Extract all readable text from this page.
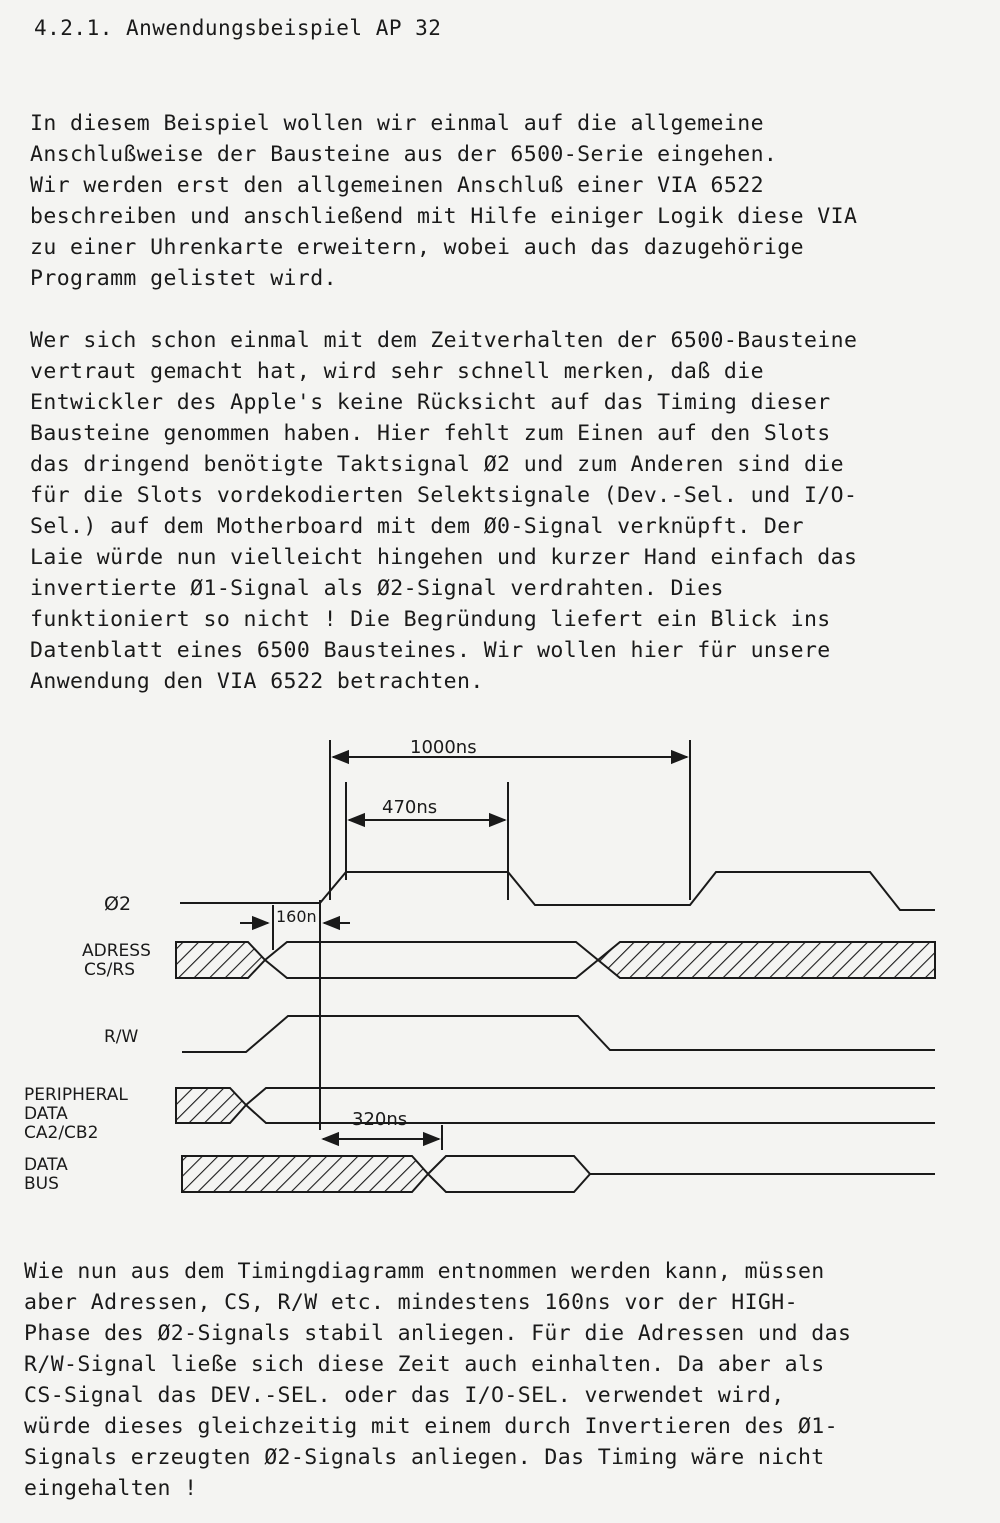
4.2.1. Anwendungsbeispiel AP 32

In diesem Beispiel wollen wir einmal auf die allgemeine
Anschlußweise der Bausteine aus der 6500-Serie eingehen.
Wir werden erst den allgemeinen Anschluß einer VIA 6522
beschreiben und anschließend mit Hilfe einiger Logik diese VIA
zu einer Uhrenkarte erweitern, wobei auch das dazugehörige
Programm gelistet wird.

Wer sich schon einmal mit dem Zeitverhalten der 6500-Bausteine
vertraut gemacht hat, wird sehr schnell merken, daß die
Entwickler des Apple's keine Rücksicht auf das Timing dieser
Bausteine genommen haben. Hier fehlt zum Einen auf den Slots
das dringend benötigte Taktsignal Ø2 und zum Anderen sind die
für die Slots vordekodierten Selektsignale (Dev.-Sel. und I/O-
Sel.) auf dem Motherboard mit dem Ø0-Signal verknüpft. Der
Laie würde nun vielleicht hingehen und kurzer Hand einfach das
invertierte Ø1-Signal als Ø2-Signal verdrahten. Dies
funktioniert so nicht ! Die Begründung liefert ein Blick ins
Datenblatt eines 6500 Bausteines. Wir wollen hier für unsere
Anwendung den VIA 6522 betrachten.

Ø2
ADRESS
CS/RS
R/W
PERIPHERAL
DATA
CA2/CB2
DATA
BUS
1000ns
470ns
160n
320ns

Wie nun aus dem Timingdiagramm entnommen werden kann, müssen
aber Adressen, CS, R/W etc. mindestens 160ns vor der HIGH-
Phase des Ø2-Signals stabil anliegen. Für die Adressen und das
R/W-Signal ließe sich diese Zeit auch einhalten. Da aber als
CS-Signal das DEV.-SEL. oder das I/O-SEL. verwendet wird,
würde dieses gleichzeitig mit einem durch Invertieren des Ø1-
Signals erzeugten Ø2-Signals anliegen. Das Timing wäre nicht
eingehalten !
